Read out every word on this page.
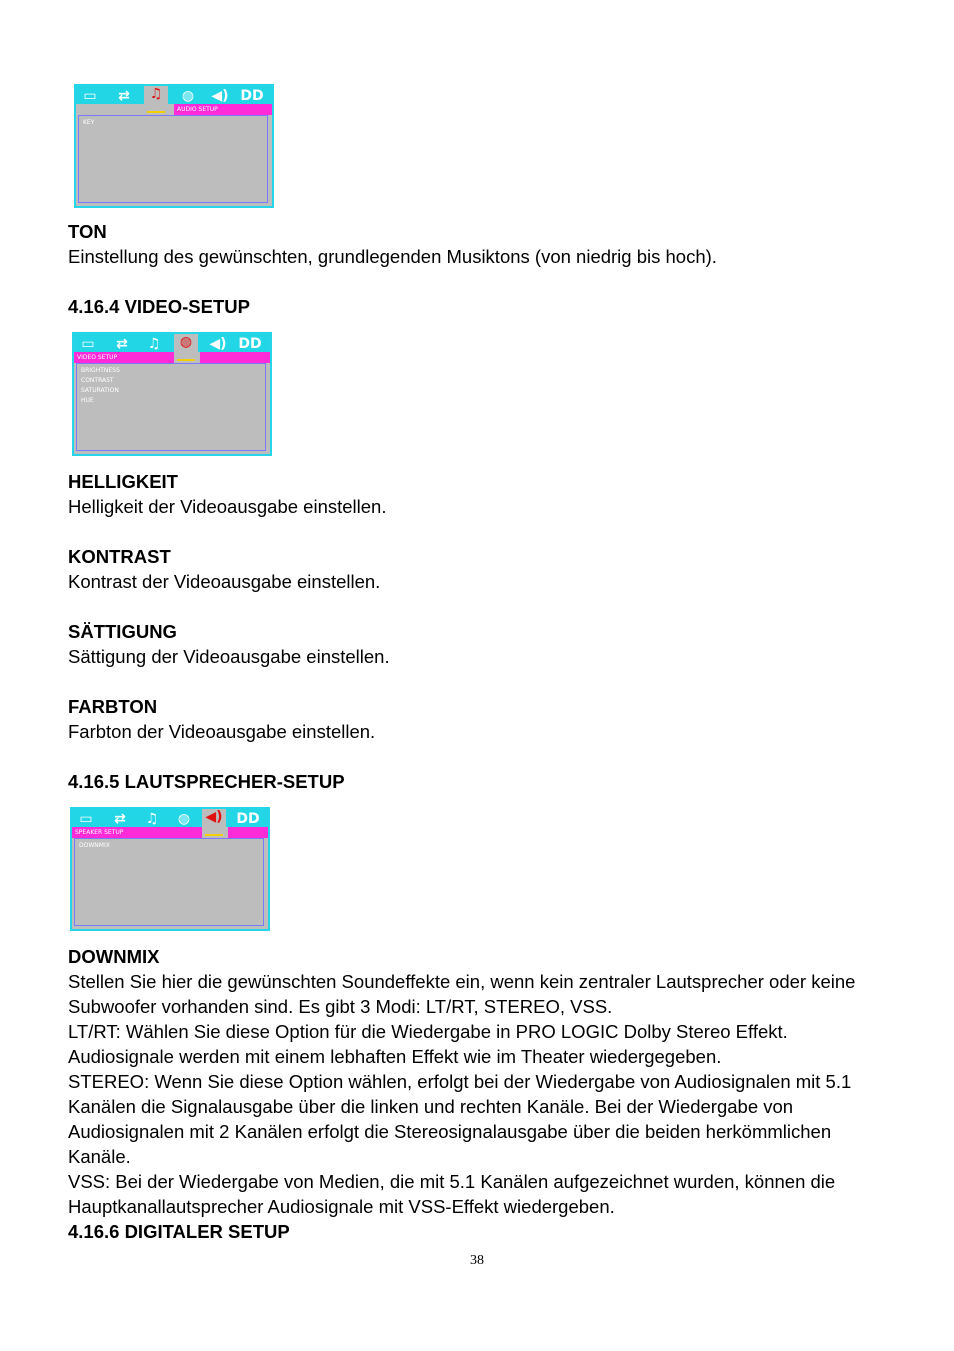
▭	⇄	♫	◍	◀) DD
AUDIO SETUP
KEY
TON
Einstellung des gewünschten, grundlegenden Musiktons (von niedrig bis hoch).
4.16.4 VIDEO-SETUP
▭	⇄	♫	◍ ◀) DD
VIDEO SETUP
BRIGHTNESS
CONTRAST
SATURATION
HUE
HELLIGKEIT
Helligkeit der Videoausgabe einstellen.
KONTRAST
Kontrast der Videoausgabe einstellen.
SÄTTIGUNG
Sättigung der Videoausgabe einstellen.
FARBTON
Farbton der Videoausgabe einstellen.
4.16.5 LAUTSPRECHER-SETUP
▭	⇄	♫	◍	◀) DD
SPEAKER SETUP
DOWNMIX
DOWNMIX
Stellen Sie hier die gewünschten Soundeffekte ein, wenn kein zentraler Lautsprecher oder keine
Subwoofer vorhanden sind. Es gibt 3 Modi: LT/RT, STEREO, VSS.
LT/RT: Wählen Sie diese Option für die Wiedergabe in PRO LOGIC Dolby Stereo Effekt.
Audiosignale werden mit einem lebhaften Effekt wie im Theater wiedergegeben.
STEREO: Wenn Sie diese Option wählen, erfolgt bei der Wiedergabe von Audiosignalen mit 5.1
Kanälen die Signalausgabe über die linken und rechten Kanäle. Bei der Wiedergabe von
Audiosignalen mit 2 Kanälen erfolgt die Stereosignalausgabe über die beiden herkömmlichen
Kanäle.
VSS: Bei der Wiedergabe von Medien, die mit 5.1 Kanälen aufgezeichnet wurden, können die
Hauptkanallautsprecher Audiosignale mit VSS-Effekt wiedergeben.
4.16.6 DIGITALER SETUP
38
